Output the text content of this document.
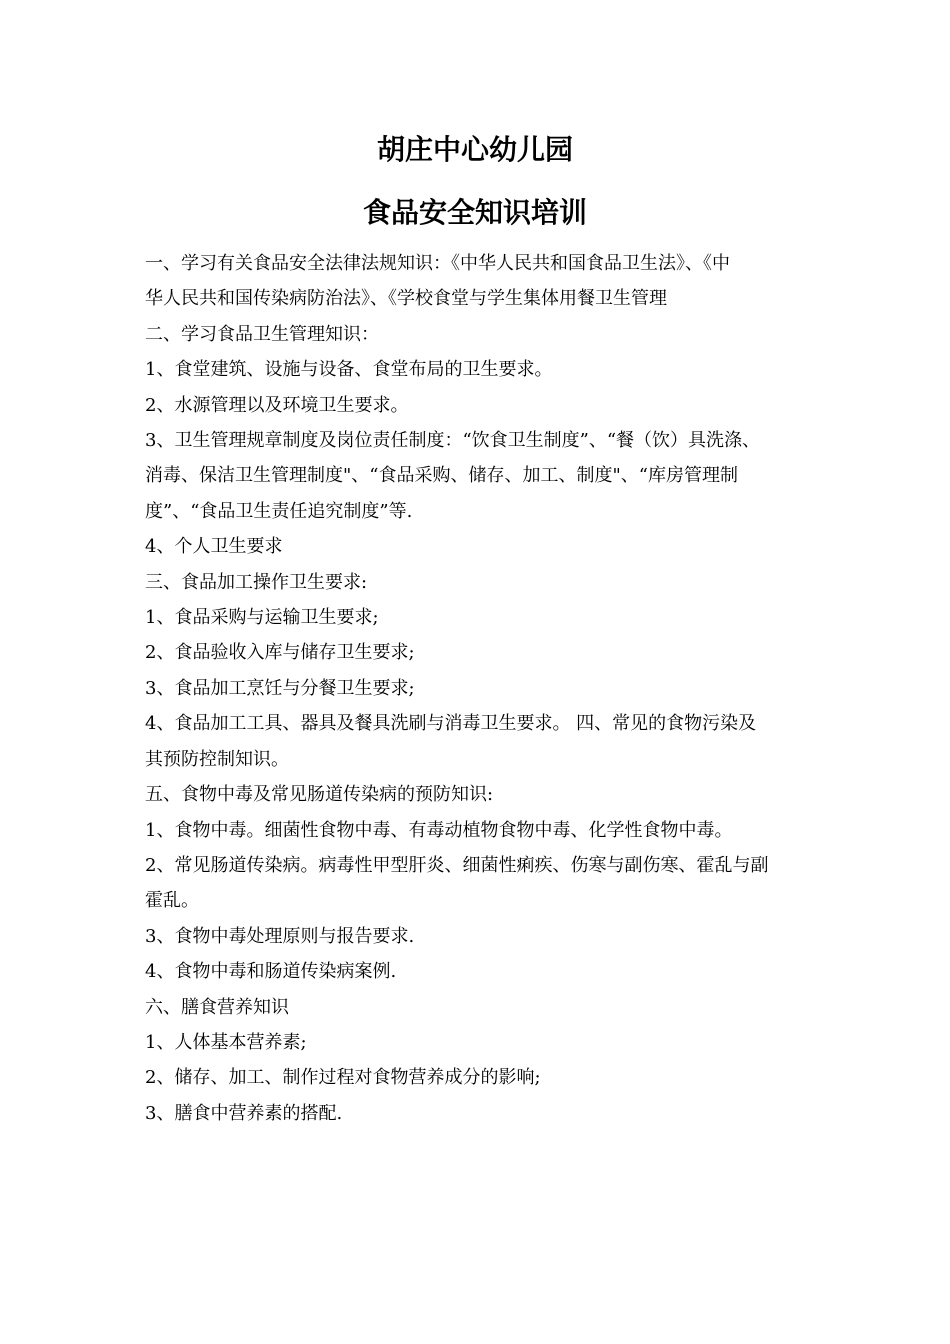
胡庄中心幼儿园
食品安全知识培训

一、学习有关食品安全法律法规知识：《中华人民共和国食品卫生法》、《中

华人民共和国传染病防治法》、《学校食堂与学生集体用餐卫生管理

二、学习食品卫生管理知识：

1、食堂建筑、设施与设备、食堂布局的卫生要求。

2、水源管理以及环境卫生要求。

3、卫生管理规章制度及岗位责任制度：“饮食卫生制度”、“餐（饮）具洗涤、

消毒、保洁卫生管理制度"、“食品采购、储存、加工、制度"、“库房管理制

度”、“食品卫生责任追究制度”等.

4、个人卫生要求

三、食品加工操作卫生要求:

1、食品采购与运输卫生要求;

2、食品验收入库与储存卫生要求;

3、食品加工烹饪与分餐卫生要求;

4、食品加工工具、器具及餐具洗刷与消毒卫生要求。 四、常见的食物污染及

其预防控制知识。

五、食物中毒及常见肠道传染病的预防知识:

1、食物中毒。细菌性食物中毒、有毒动植物食物中毒、化学性食物中毒。

2、常见肠道传染病。病毒性甲型肝炎、细菌性痢疾、伤寒与副伤寒、霍乱与副

霍乱。

3、食物中毒处理原则与报告要求.

4、食物中毒和肠道传染病案例.

六、膳食营养知识

1、人体基本营养素;

2、储存、加工、制作过程对食物营养成分的影响;

3、膳食中营养素的搭配.
